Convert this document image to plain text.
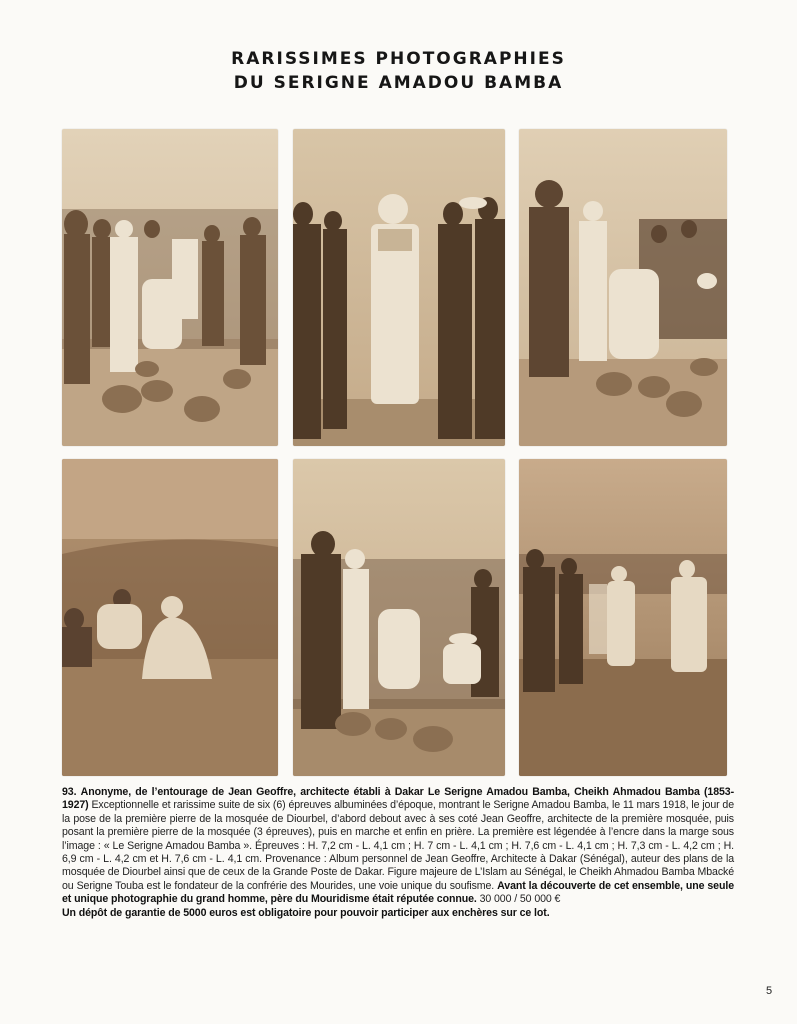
RARISSIMES PHOTOGRAPHIES
DU SERIGNE AMADOU BAMBA
93. Anonyme, de l’entourage de Jean Geoffre, architecte établi à Dakar Le Serigne Amadou Bamba, Cheikh Ahmadou Bamba (1853-1927) Exceptionnelle et rarissime suite de six (6) épreuves albuminées d’époque, montrant le Serigne Amadou Bamba, le 11 mars 1918, le jour de la pose de la première pierre de la mosquée de Diourbel, d’abord debout avec à ses coté Jean Geoffre, architecte de la première mosquée, puis posant la première pierre de la mosquée (3 épreuves), puis en marche et enfin en prière. La première est légendée à l’encre dans la marge sous l’image : « Le Serigne Amadou Bamba ». Épreuves : H. 7,2 cm - L. 4,1 cm ; H. 7 cm - L. 4,1 cm ; H. 7,6 cm - L. 4,1 cm ; H. 7,3 cm - L. 4,2 cm ; H. 6,9 cm - L. 4,2 cm et H. 7,6 cm - L. 4,1 cm. Provenance : Album personnel de Jean Geoffre, Architecte à Dakar (Sénégal), auteur des plans de la mosquée de Diourbel ainsi que de ceux de la Grande Poste de Dakar. Figure majeure de L’Islam au Sénégal, le Cheikh Ahmadou Bamba Mbacké ou Serigne Touba est le fondateur de la confrérie des Mourides, une voie unique du soufisme. Avant la découverte de cet ensemble, une seule et unique photographie du grand homme, père du Mouridisme était réputée connue. 30 000 / 50 000 €
Un dépôt de garantie de 5000 euros est obligatoire pour pouvoir participer aux enchères sur ce lot.
5
